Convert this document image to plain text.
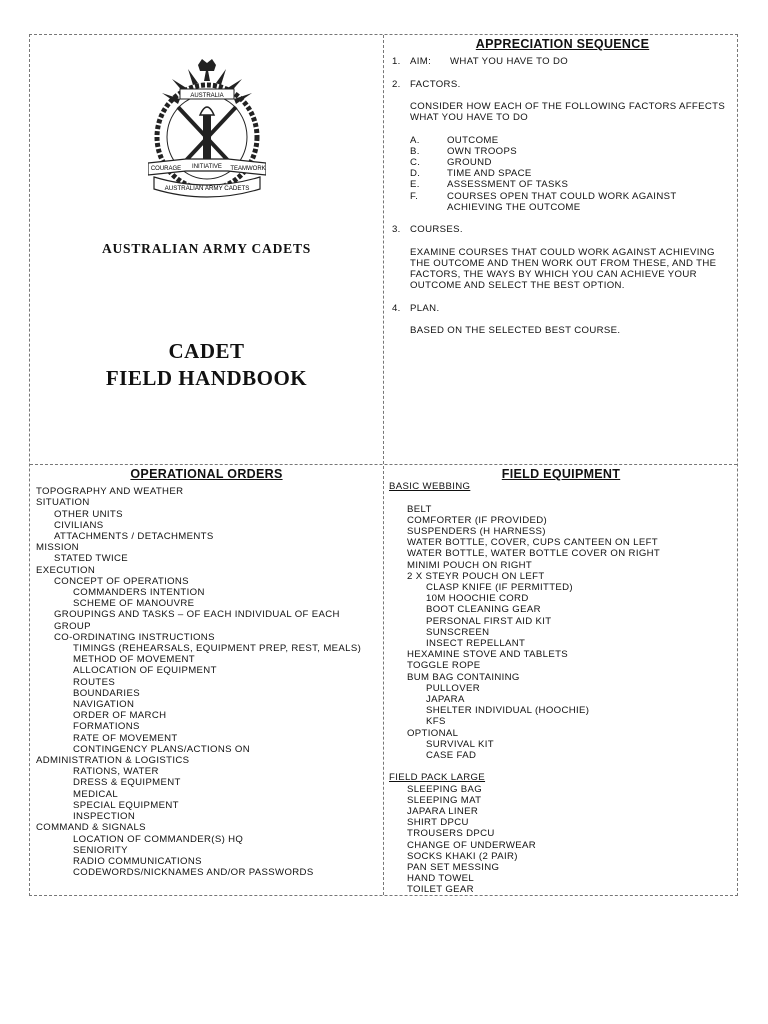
AUSTRALIA
COURAGE INITIATIVE TEAMWORK
AUSTRALIAN ARMY CADETS
AUSTRALIAN ARMY CADETS
CADET
FIELD HANDBOOK
APPRECIATION SEQUENCE
1. AIM: WHAT YOU HAVE TO DO
2. FACTORS.
CONSIDER HOW EACH OF THE FOLLOWING FACTORS AFFECTS WHAT YOU HAVE TO DO
A.	OUTCOME
B.	OWN TROOPS
C.	GROUND
D.	TIME AND SPACE
E.	ASSESSMENT OF TASKS
F.	COURSES OPEN THAT COULD WORK AGAINST ACHIEVING THE OUTCOME
3. COURSES.
EXAMINE COURSES THAT COULD WORK AGAINST ACHIEVING THE OUTCOME AND THEN WORK OUT FROM THESE, AND THE FACTORS, THE WAYS BY WHICH YOU CAN ACHIEVE YOUR OUTCOME AND SELECT THE BEST OPTION.
4. PLAN.
BASED ON THE SELECTED BEST COURSE.
OPERATIONAL ORDERS
TOPOGRAPHY AND WEATHER
SITUATION
OTHER UNITS
CIVILIANS
ATTACHMENTS / DETACHMENTS
MISSION
STATED TWICE
EXECUTION
CONCEPT OF OPERATIONS
COMMANDERS INTENTION
SCHEME OF MANOUVRE
GROUPINGS AND TASKS – OF EACH INDIVIDUAL OF EACH GROUP
CO-ORDINATING INSTRUCTIONS
TIMINGS (REHEARSALS, EQUIPMENT PREP, REST, MEALS)
METHOD OF MOVEMENT
ALLOCATION OF EQUIPMENT
ROUTES
BOUNDARIES
NAVIGATION
ORDER OF MARCH
FORMATIONS
RATE OF MOVEMENT
CONTINGENCY PLANS/ACTIONS ON
ADMINISTRATION & LOGISTICS
RATIONS, WATER
DRESS & EQUIPMENT
MEDICAL
SPECIAL EQUIPMENT
INSPECTION
COMMAND & SIGNALS
LOCATION OF COMMANDER(S) HQ
SENIORITY
RADIO COMMUNICATIONS
CODEWORDS/NICKNAMES AND/OR PASSWORDS
FIELD EQUIPMENT
BASIC WEBBING
BELT
COMFORTER (IF PROVIDED)
SUSPENDERS (H HARNESS)
WATER BOTTLE, COVER, CUPS CANTEEN ON LEFT
WATER BOTTLE, WATER BOTTLE COVER ON RIGHT
MINIMI POUCH ON RIGHT
2 X STEYR POUCH ON LEFT
CLASP KNIFE (IF PERMITTED)
10M HOOCHIE CORD
BOOT CLEANING GEAR
PERSONAL FIRST AID KIT
SUNSCREEN
INSECT REPELLANT
HEXAMINE STOVE AND TABLETS
TOGGLE ROPE
BUM BAG CONTAINING
PULLOVER
JAPARA
SHELTER INDIVIDUAL (HOOCHIE)
KFS
OPTIONAL
SURVIVAL KIT
CASE FAD
FIELD PACK LARGE
SLEEPING BAG
SLEEPING MAT
JAPARA LINER
SHIRT DPCU
TROUSERS DPCU
CHANGE OF UNDERWEAR
SOCKS KHAKI (2 PAIR)
PAN SET MESSING
HAND TOWEL
TOILET GEAR
